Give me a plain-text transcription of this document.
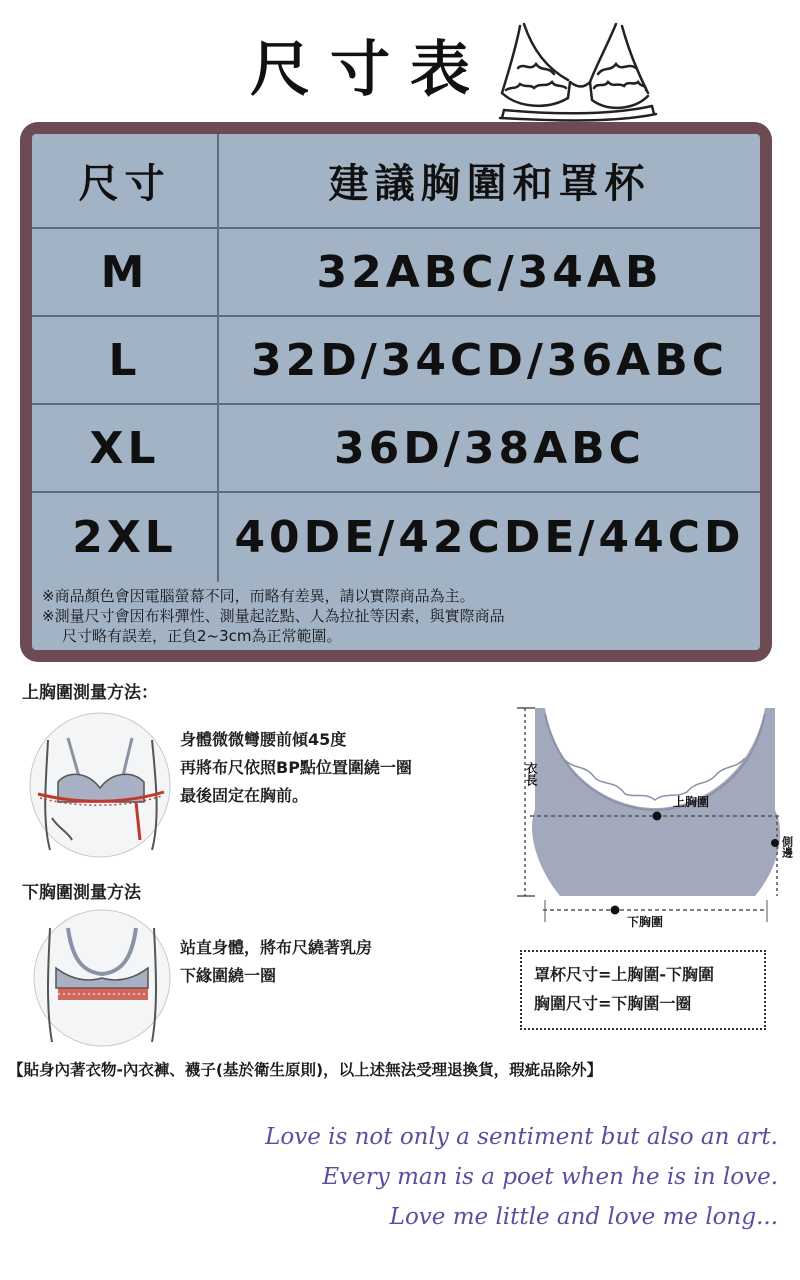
尺寸表
尺寸	建議胸圍和罩杯
M	32ABC/34AB
L	32D/34CD/36ABC
XL	36D/38ABC
2XL	40DE/42CDE/44CD

※商品顏色會因電腦螢幕不同，而略有差異，請以實際商品為主。

※測量尺寸會因布料彈性、測量起訖點、人為拉扯等因素，與實際商品

尺寸略有誤差，正負2~3cm為正常範圍。

上胸圍測量方法：
身體微微彎腰前傾45度
再將布尺依照BP點位置圍繞一圈
最後固定在胸前。
下胸圍測量方法
站直身體，將布尺繞著乳房
下緣圍繞一圈
衣長
上胸圍
下胸圍
側邊
罩杯尺寸=上胸圍-下胸圍
胸圍尺寸=下胸圍一圈
【貼身內著衣物-內衣褲、襪子(基於衛生原則)，以上述無法受理退換貨，瑕疵品除外】
Love is not only a sentiment but also an art.
Every man is a poet when he is in love.
Love me little and love me long...
